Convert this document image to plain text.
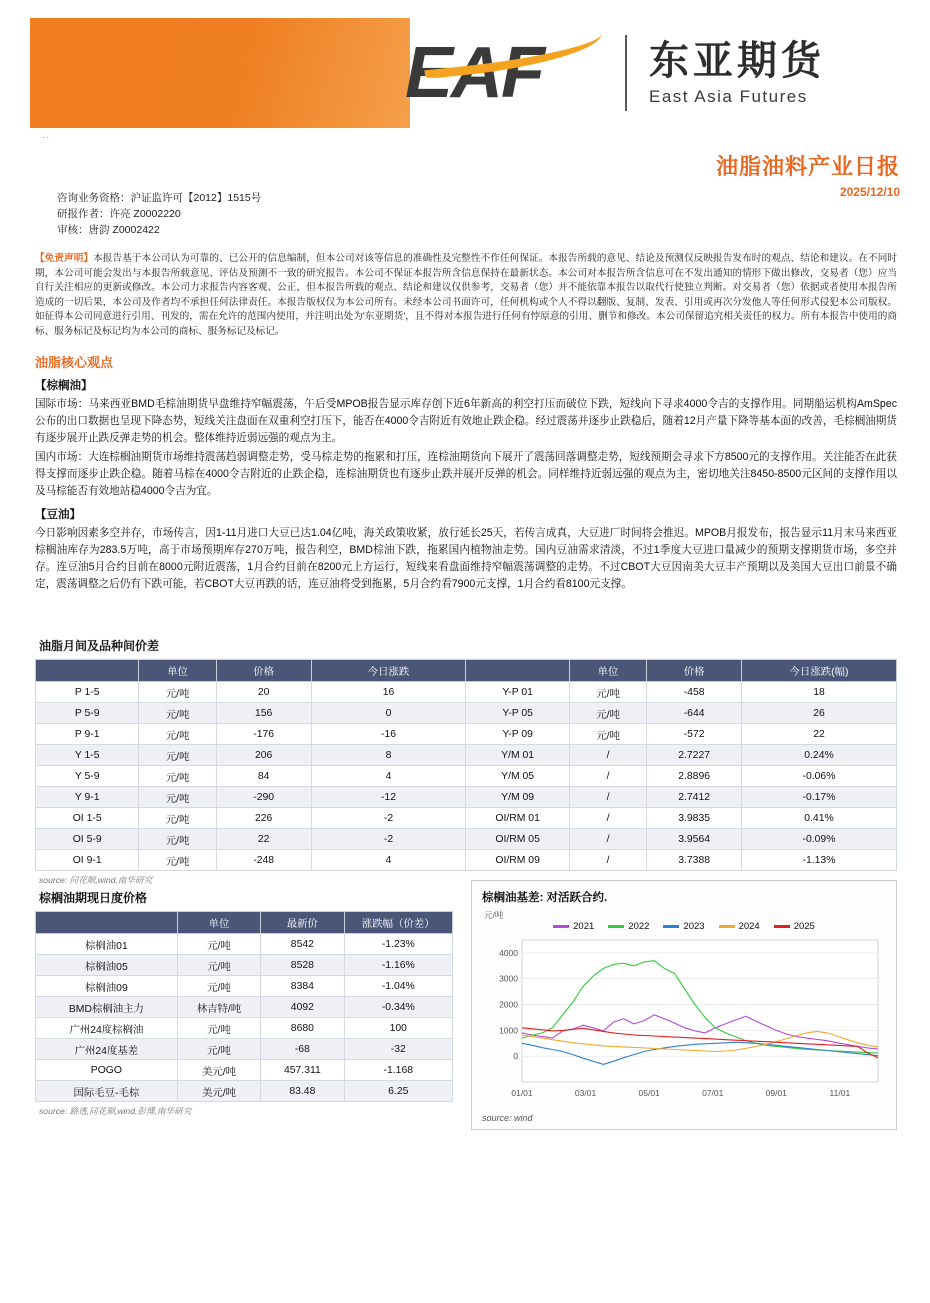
EAF	东亚期货
East Asia Futures
..
油脂油料产业日报
2025/12/10
咨询业务资格：沪证监许可【2012】1515号
研报作者：许亮 Z0002220
审核：唐韵 Z0002422
【免责声明】本报告基于本公司认为可靠的、已公开的信息编制，但本公司对该等信息的准确性及完整性不作任何保证。本报告所载的意见、结论及预测仅反映报告发布时的观点、结论和建议。在不同时期，本公司可能会发出与本报告所载意见、评估及预测不一致的研究报告。本公司不保证本报告所含信息保持在最新状态。本公司对本报告所含信息可在不发出通知的情形下做出修改，交易者（您）应当自行关注相应的更新或修改。本公司力求报告内容客观、公正，但本报告所载的观点、结论和建议仅供参考，交易者（您）并不能依靠本报告以取代行使独立判断。对交易者（您）依据或者使用本报告所造成的一切后果，本公司及作者均不承担任何法律责任。本报告版权仅为本公司所有。未经本公司书面许可，任何机构或个人不得以翻版、复制、发表、引用或再次分发他人等任何形式侵犯本公司版权。如征得本公司同意进行引用、刊发的，需在允许的范围内使用，并注明出处为'东亚期货'，且不得对本报告进行任何有悖原意的引用、删节和修改。本公司保留追究相关责任的权力。所有本报告中使用的商标、服务标记及标记均为本公司的商标、服务标记及标记。
油脂核心观点
【棕榈油】
国际市场：马来西亚BMD毛棕油期货早盘维持窄幅震荡，午后受MPOB报告显示库存创下近6年新高的利空打压而破位下跌，短线向下寻求4000令吉的支撑作用。同期船运机构AmSpec公布的出口数据也呈现下降态势，短线关注盘面在双重利空打压下，能否在4000令吉附近有效地止跌企稳。经过震荡并逐步止跌稳后，随着12月产量下降等基本面的改善，毛棕榈油期货有逐步展开止跌反弹走势的机会。整体维持近弱远强的观点为主。
国内市场：大连棕榈油期货市场维持震荡趋弱调整走势，受马棕走势的拖累和打压，连棕油期货向下展开了震荡回落调整走势，短线预期会寻求下方8500元的支撑作用。关注能否在此获得支撑而逐步止跌企稳。随着马棕在4000令吉附近的止跌企稳，连棕油期货也有逐步止跌并展开反弹的机会。同样维持近弱远强的观点为主，密切地关注8450-8500元区间的支撑作用以及马棕能否有效地站稳4000令吉为宜。
【豆油】
今日影响因素多空并存，市场传言，因1-11月进口大豆已达1.04亿吨，海关政策收紧，放行延长25天，若传言成真，大豆进厂时间将会推迟。MPOB月报发布，报告显示11月末马来西亚棕榈油库存为283.5万吨，高于市场预期库存270万吨，报告利空，BMD棕油下跌，拖累国内植物油走势。国内豆油需求清淡，不过1季度大豆进口量减少的预期支撑期货市场，多空并存。连豆油5月合约目前在8000元附近震荡，1月合约目前在8200元上方运行，短线来看盘面维持窄幅震荡调整的走势。不过CBOT大豆因南美大豆丰产预期以及美国大豆出口前景不确定，震荡调整之后仍有下跌可能，若CBOT大豆再跌的话，连豆油将受到拖累，5月合约看7900元支撑，1月合约看8100元支撑。
油脂月间及品种间价差
	单位	价格	今日涨跌		单位	价格	今日涨跌(幅)
P 1-5	元/吨	20	16	Y-P 01	元/吨	-458	18
P 5-9	元/吨	156	0	Y-P 05	元/吨	-644	26
P 9-1	元/吨	-176	-16	Y-P 09	元/吨	-572	22
Y 1-5	元/吨	206	8	Y/M 01	/	2.7227	0.24%
Y 5-9	元/吨	84	4	Y/M 05	/	2.8896	-0.06%
Y 9-1	元/吨	-290	-12	Y/M 09	/	2.7412	-0.17%
OI 1-5	元/吨	226	-2	OI/RM 01	/	3.9835	0.41%
OI 5-9	元/吨	22	-2	OI/RM 05	/	3.9564	-0.09%
OI 9-1	元/吨	-248	4	OI/RM 09	/	3.7388	-1.13%
source: 同花顺,wind,南华研究
棕榈油期现日度价格
	单位	最新价	涨跌幅（价差）
棕榈油01	元/吨	8542	-1.23%
棕榈油05	元/吨	8528	-1.16%
棕榈油09	元/吨	8384	-1.04%
BMD棕榈油主力	林吉特/吨	4092	-0.34%
广州24度棕榈油	元/吨	8680	100
广州24度基差	元/吨	-68	-32
POGO	美元/吨	457.311	-1.168
国际毛豆-毛棕	美元/吨	83.48	6.25
source: 路透,同花顺,wind,彭博,南华研究
棕榈油基差: 对活跃合约.
元/吨
2021	2022	2023	2024	2025
0
1000
2000
3000
4000
01/01	03/01	05/01	07/01	09/01	11/01
source: wind
